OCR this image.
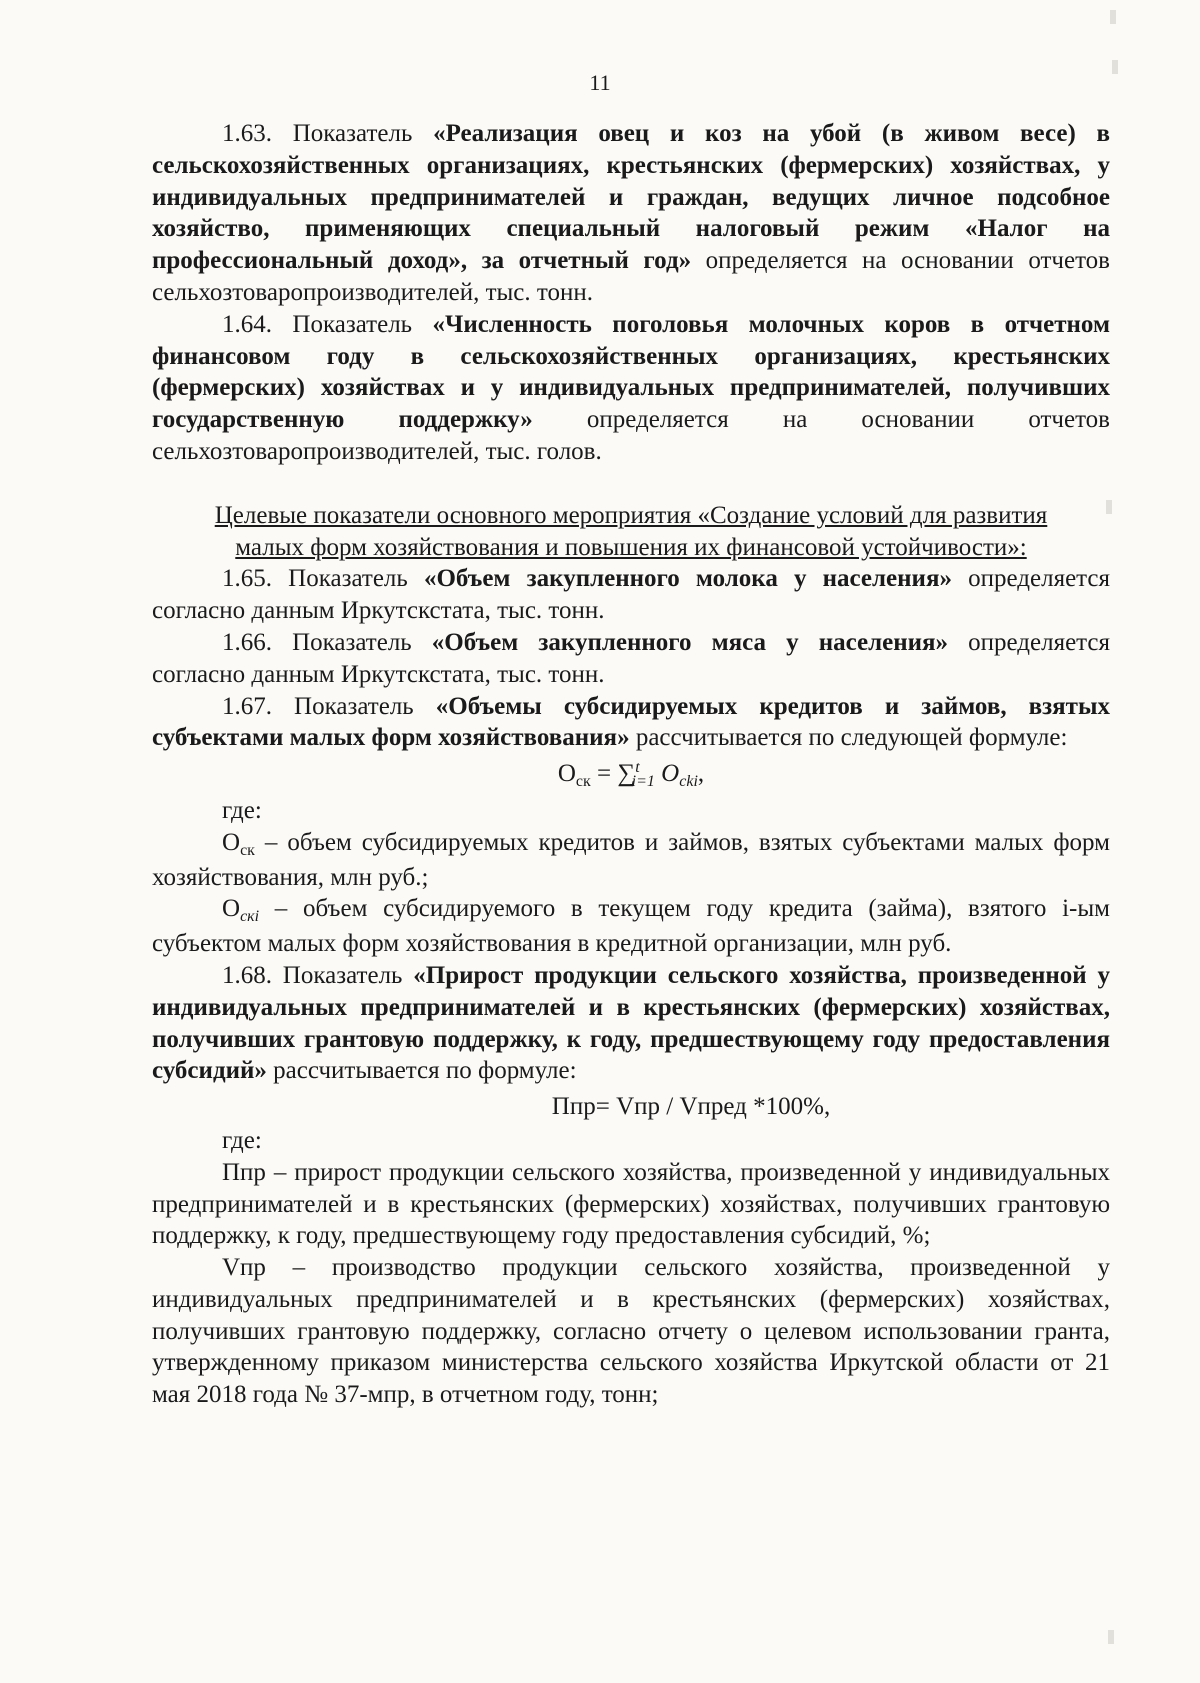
11

1.63. Показатель «Реализация овец и коз на убой (в живом весе) в сельскохозяйственных организациях, крестьянских (фермерских) хозяйствах, у индивидуальных предпринимателей и граждан, ведущих личное подсобное хозяйство, применяющих специальный налоговый режим «Налог на профессиональный доход», за отчетный год» определяется на основании отчетов сельхозтоваропроизводителей, тыс. тонн.

1.64. Показатель «Численность поголовья молочных коров в отчетном финансовом году в сельскохозяйственных организациях, крестьянских (фермерских) хозяйствах и у индивидуальных предпринимателей, получивших государственную поддержку» определяется на основании отчетов сельхозтоваропроизводителей, тыс. голов.

Целевые показатели основного мероприятия «Создание условий для развития малых форм хозяйствования и повышения их финансовой устойчивости»:

1.65. Показатель «Объем закупленного молока у населения» определяется согласно данным Иркутскстата, тыс. тонн.

1.66. Показатель «Объем закупленного мяса у населения» определяется согласно данным Иркутскстата, тыс. тонн.

1.67. Показатель «Объемы субсидируемых кредитов и займов, взятых субъектами малых форм хозяйствования» рассчитывается по следующей формуле:

$О_{ск} = \sum^t_{i=1}$ $O_{cki}$,

где:

$О_{ск}$ – объем субсидируемых кредитов и займов, взятых субъектами малых форм хозяйствования, млн руб.;

$О_{скi}$ – объем субсидируемого в текущем году кредита (займа), взятого i-ым субъектом малых форм хозяйствования в кредитной организации, млн руб.

1.68. Показатель «Прирост продукции сельского хозяйства, произведенной у индивидуальных предпринимателей и в крестьянских (фермерских) хозяйствах, получивших грантовую поддержку, к году, предшествующему году предоставления субсидий» рассчитывается по формуле:

Ппр= Vпр / Vпред *100%,

где:

Ппр – прирост продукции сельского хозяйства, произведенной у индивидуальных предпринимателей и в крестьянских (фермерских) хозяйствах, получивших грантовую поддержку, к году, предшествующему году предоставления субсидий, %;

Vпр – производство продукции сельского хозяйства, произведенной у индивидуальных предпринимателей и в крестьянских (фермерских) хозяйствах, получивших грантовую поддержку, согласно отчету о целевом использовании гранта, утвержденному приказом министерства сельского хозяйства Иркутской области от 21 мая 2018 года № 37-мпр, в отчетном году, тонн;
